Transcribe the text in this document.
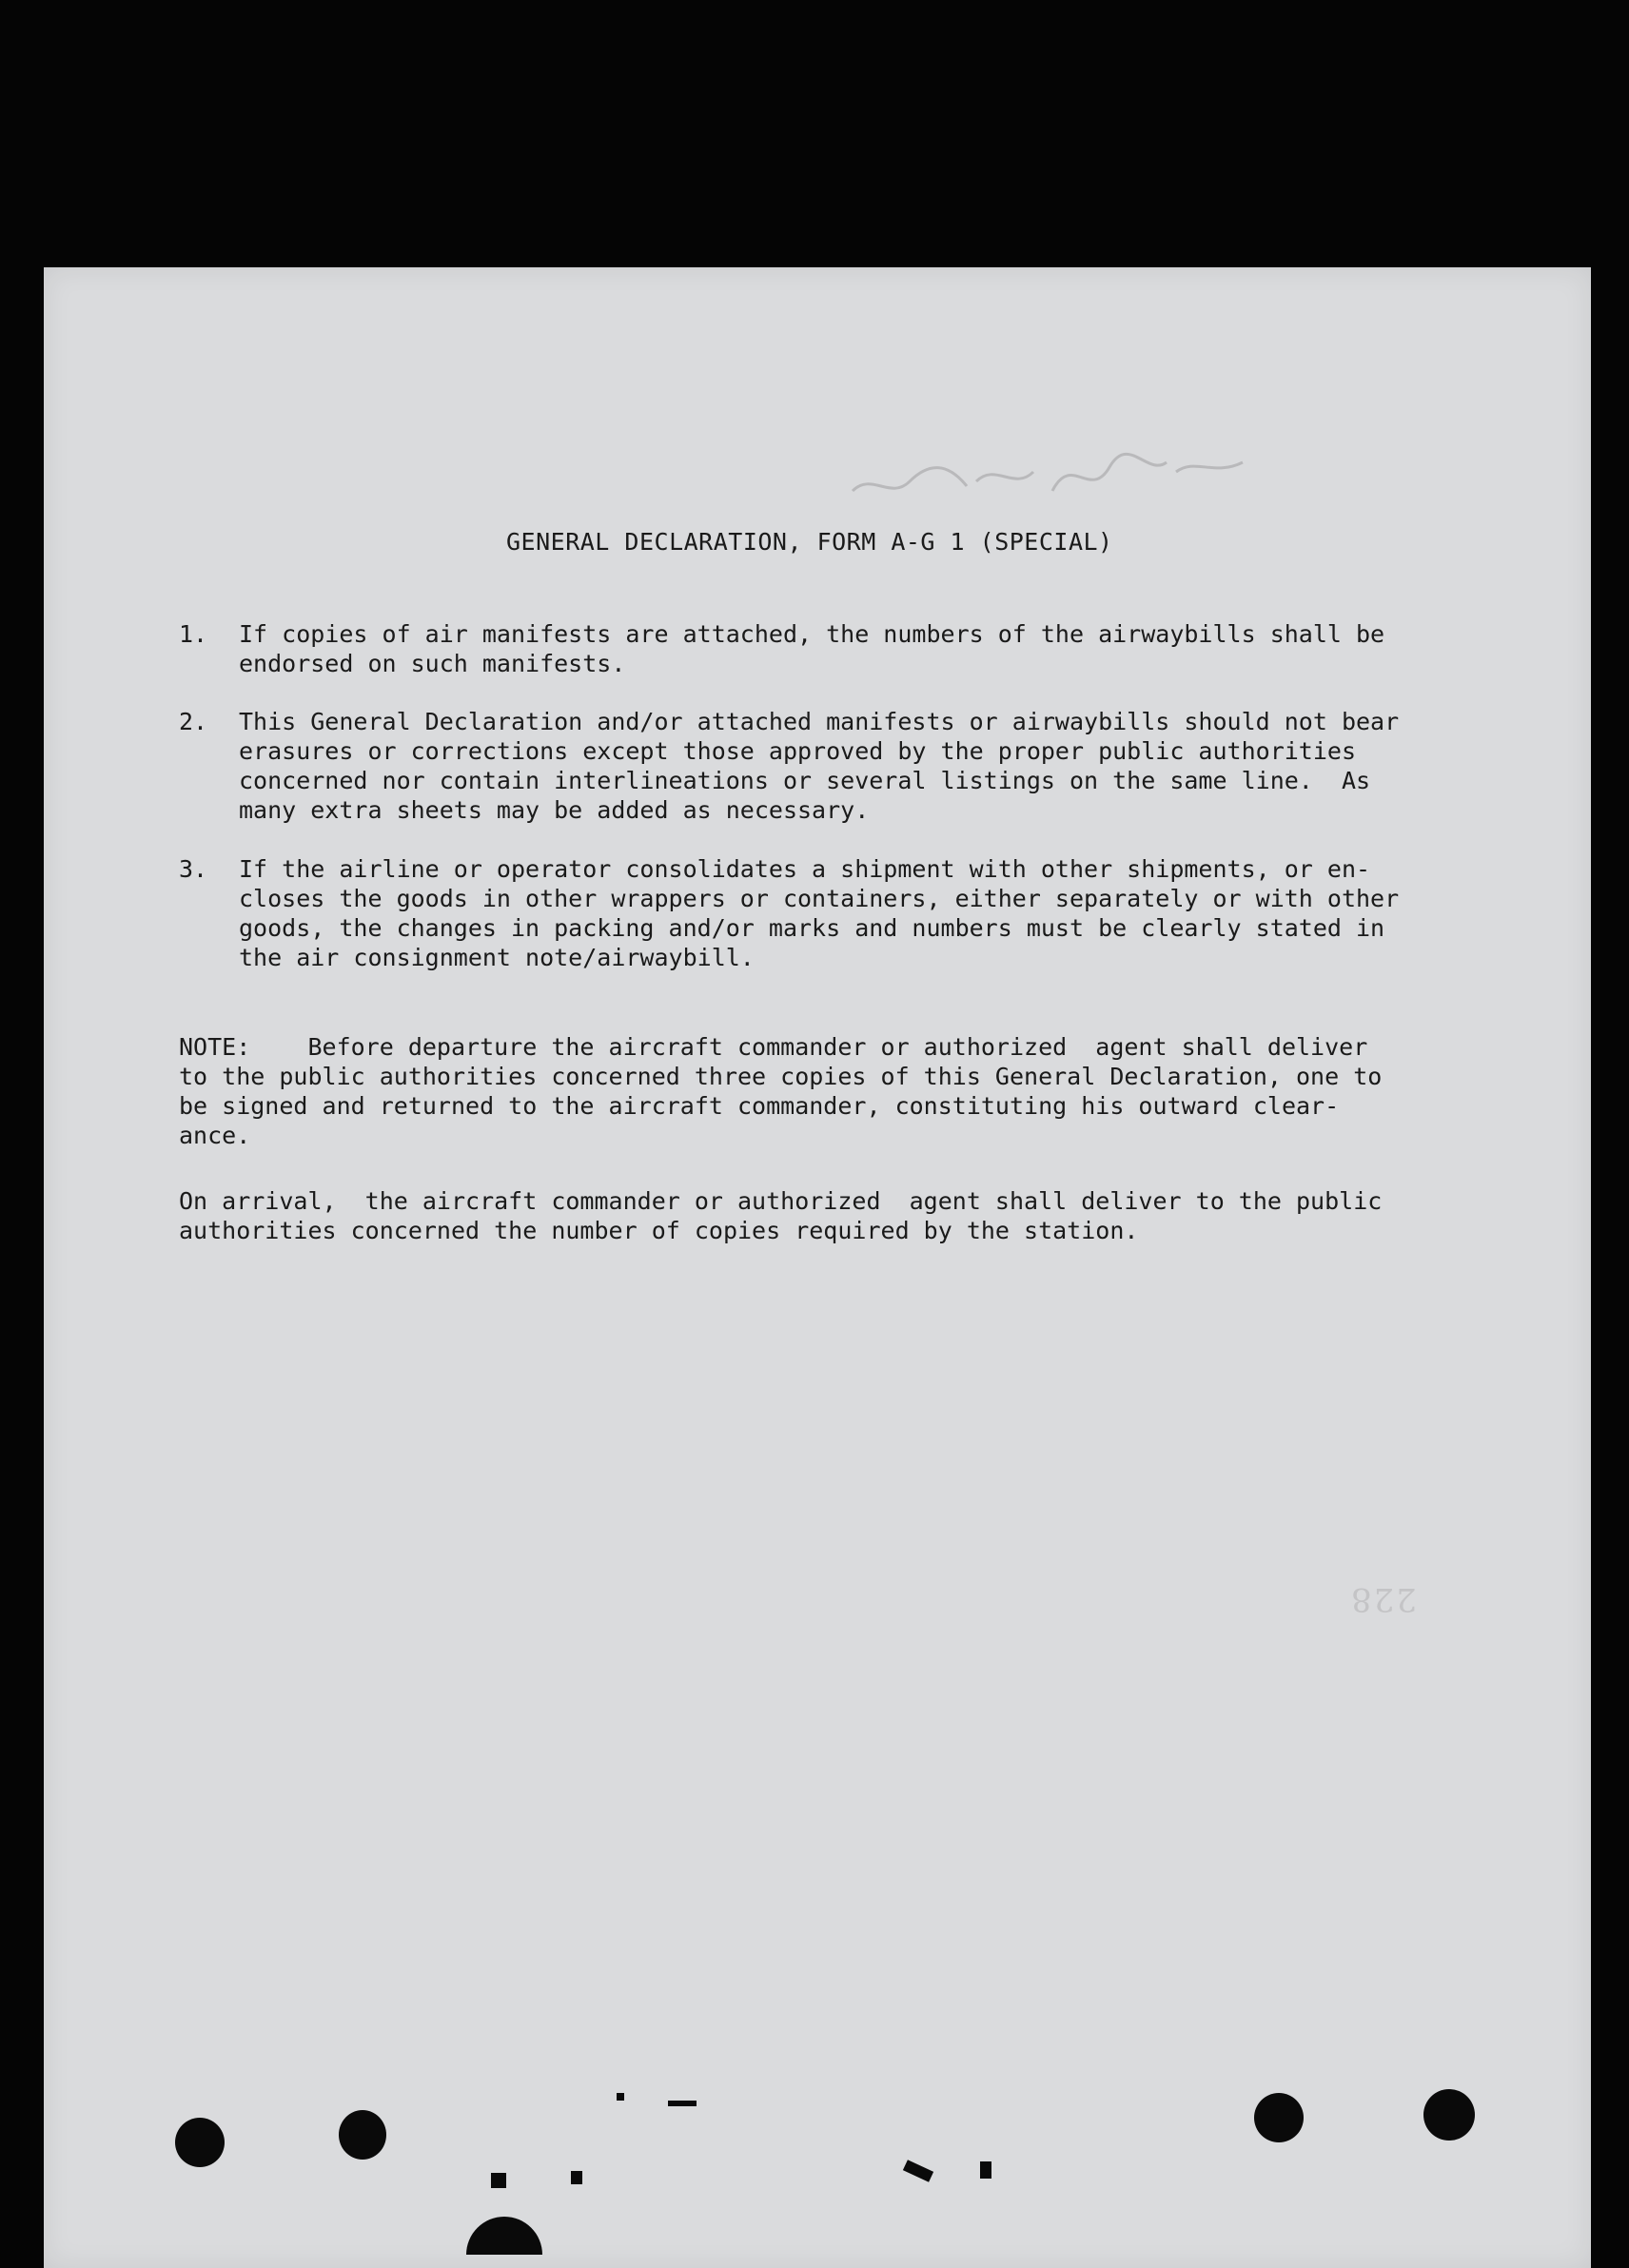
GENERAL DECLARATION, FORM A-G 1 (SPECIAL)
1. If copies of air manifests are attached, the numbers of the airwaybills shall be
endorsed on such manifests.
2. This General Declaration and/or attached manifests or airwaybills should not bear
erasures or corrections except those approved by the proper public authorities
concerned nor contain interlineations or several listings on the same line.  As
many extra sheets may be added as necessary.
3. If the airline or operator consolidates a shipment with other shipments, or en-
closes the goods in other wrappers or containers, either separately or with other
goods, the changes in packing and/or marks and numbers must be clearly stated in
the air consignment note/airwaybill.
NOTE:    Before departure the aircraft commander or authorized  agent shall deliver
to the public authorities concerned three copies of this General Declaration, one to
be signed and returned to the aircraft commander, constituting his outward clear-
ance.
On arrival,  the aircraft commander or authorized  agent shall deliver to the public
authorities concerned the number of copies required by the station.
228
